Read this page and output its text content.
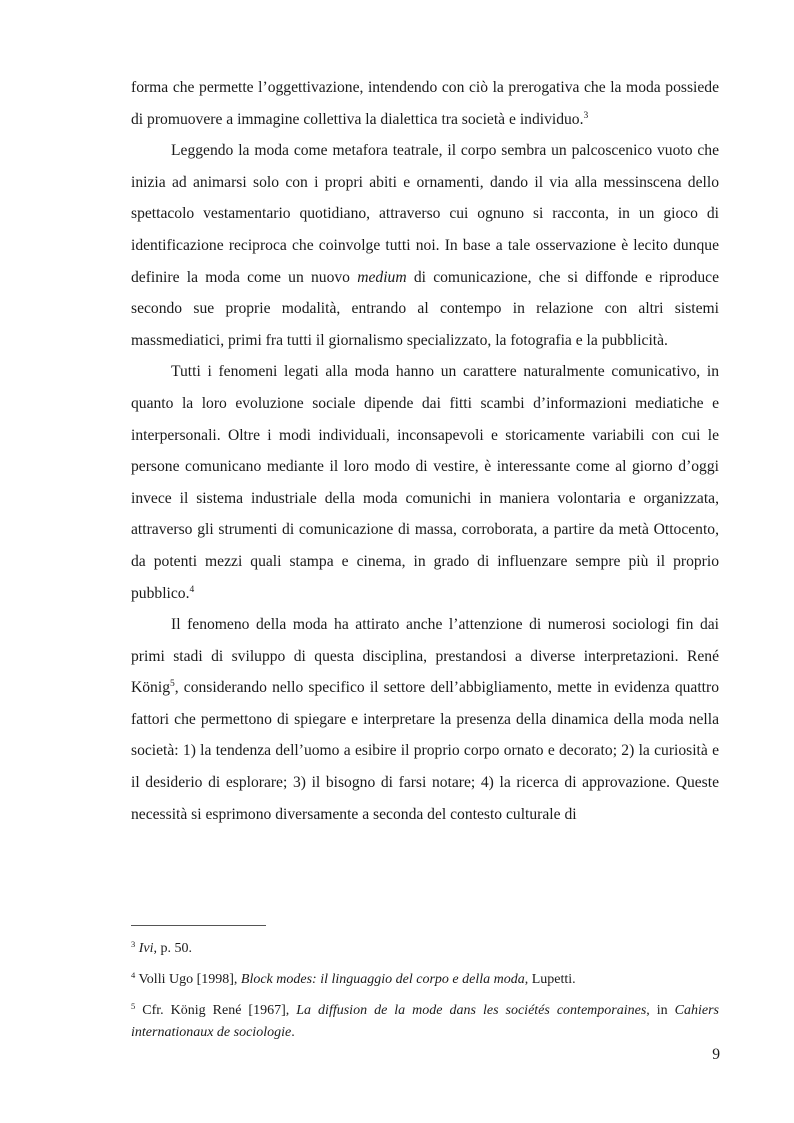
forma che permette l’oggettivazione, intendendo con ciò la prerogativa che la moda possiede di promuovere a immagine collettiva la dialettica tra società e individuo.$^3$

Leggendo la moda come metafora teatrale, il corpo sembra un palcoscenico vuoto che inizia ad animarsi solo con i propri abiti e ornamenti, dando il via alla messinscena dello spettacolo vestamentario quotidiano, attraverso cui ognuno si racconta, in un gioco di identificazione reciproca che coinvolge tutti noi. In base a tale osservazione è lecito dunque definire la moda come un nuovo medium di comunicazione, che si diffonde e riproduce secondo sue proprie modalità, entrando al contempo in relazione con altri sistemi massmediatici, primi fra tutti il giornalismo specializzato, la fotografia e la pubblicità.

Tutti i fenomeni legati alla moda hanno un carattere naturalmente comunicativo, in quanto la loro evoluzione sociale dipende dai fitti scambi d’informazioni mediatiche e interpersonali. Oltre i modi individuali, inconsapevoli e storicamente variabili con cui le persone comunicano mediante il loro modo di vestire, è interessante come al giorno d’oggi invece il sistema industriale della moda comunichi in maniera volontaria e organizzata, attraverso gli strumenti di comunicazione di massa, corroborata, a partire da metà Ottocento, da potenti mezzi quali stampa e cinema, in grado di influenzare sempre più il proprio pubblico.$^4$

Il fenomeno della moda ha attirato anche l’attenzione di numerosi sociologi fin dai primi stadi di sviluppo di questa disciplina, prestandosi a diverse interpretazioni. René König$^5$, considerando nello specifico il settore dell’abbigliamento, mette in evidenza quattro fattori che permettono di spiegare e interpretare la presenza della dinamica della moda nella società: 1) la tendenza dell’uomo a esibire il proprio corpo ornato e decorato; 2) la curiosità e il desiderio di esplorare; 3) il bisogno di farsi notare; 4) la ricerca di approvazione. Queste necessità si esprimono diversamente a seconda del contesto culturale di

$^3$ Ivi, p. 50.

$^4$ Volli Ugo [1998], Block modes: il linguaggio del corpo e della moda, Lupetti.

$^5$ Cfr. König René [1967], La diffusion de la mode dans les sociétés contemporaines, in Cahiers internationaux de sociologie.

9
